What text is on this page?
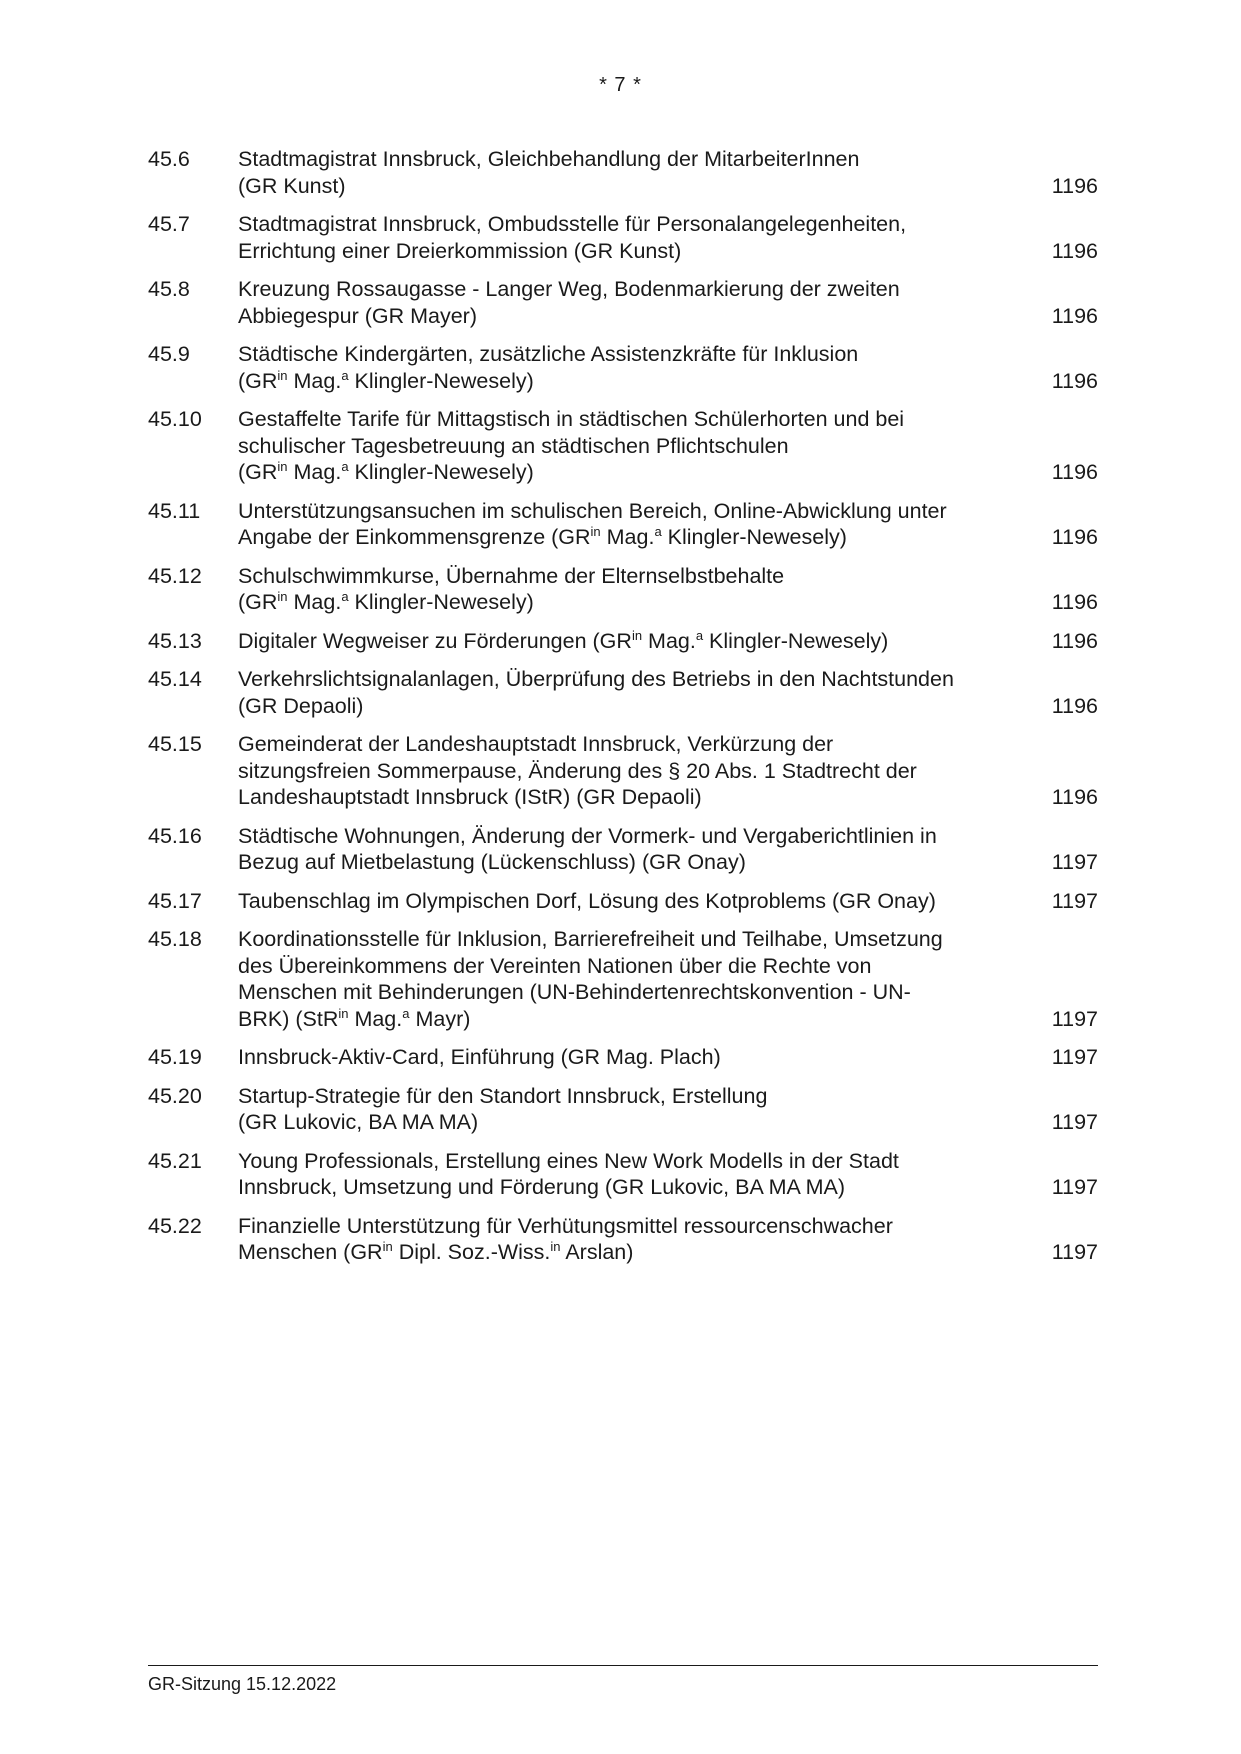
* 7 *
45.6	Stadtmagistrat Innsbruck, Gleichbehandlung der MitarbeiterInnen
(GR Kunst)	1196
45.7	Stadtmagistrat Innsbruck, Ombudsstelle für Personalangelegenheiten,
Errichtung einer Dreierkommission (GR Kunst)	1196
45.8	Kreuzung Rossaugasse - Langer Weg, Bodenmarkierung der zweiten
Abbiegespur (GR Mayer)	1196
45.9	Städtische Kindergärten, zusätzliche Assistenzkräfte für Inklusion
($GR^{in}$ Mag.$^a$ Klingler-Newesely)	1196
45.10	Gestaffelte Tarife für Mittagstisch in städtischen Schülerhorten und bei
schulischer Tagesbetreuung an städtischen Pflichtschulen
($GR^{in}$ Mag.$^a$ Klingler-Newesely)	1196
45.11	Unterstützungsansuchen im schulischen Bereich, Online-Abwicklung unter
Angabe der Einkommensgrenze ($GR^{in}$ Mag.$^a$ Klingler-Newesely)	1196
45.12	Schulschwimmkurse, Übernahme der Elternselbstbehalte
($GR^{in}$ Mag.$^a$ Klingler-Newesely)	1196
45.13	Digitaler Wegweiser zu Förderungen ($GR^{in}$ Mag.$^a$ Klingler-Newesely)	1196
45.14	Verkehrslichtsignalanlagen, Überprüfung des Betriebs in den Nachtstunden
(GR Depaoli)	1196
45.15	Gemeinderat der Landeshauptstadt Innsbruck, Verkürzung der
sitzungsfreien Sommerpause, Änderung des § 20 Abs. 1 Stadtrecht der
Landeshauptstadt Innsbruck (IStR) (GR Depaoli)	1196
45.16	Städtische Wohnungen, Änderung der Vormerk- und Vergaberichtlinien in
Bezug auf Mietbelastung (Lückenschluss) (GR Onay)	1197
45.17	Taubenschlag im Olympischen Dorf, Lösung des Kotproblems (GR Onay)	1197
45.18	Koordinationsstelle für Inklusion, Barrierefreiheit und Teilhabe, Umsetzung
des Übereinkommens der Vereinten Nationen über die Rechte von
Menschen mit Behinderungen (UN-Behindertenrechtskonvention - UN-
BRK) (StR$^{in}$ Mag.$^a$ Mayr)	1197
45.19	Innsbruck-Aktiv-Card, Einführung (GR Mag. Plach)	1197
45.20	Startup-Strategie für den Standort Innsbruck, Erstellung
(GR Lukovic, BA MA MA)	1197
45.21	Young Professionals, Erstellung eines New Work Modells in der Stadt
Innsbruck, Umsetzung und Förderung (GR Lukovic, BA MA MA)	1197
45.22	Finanzielle Unterstützung für Verhütungsmittel ressourcenschwacher
Menschen ($GR^{in}$ Dipl. Soz.-Wiss.$^{in}$ Arslan)	1197
GR-Sitzung 15.12.2022
